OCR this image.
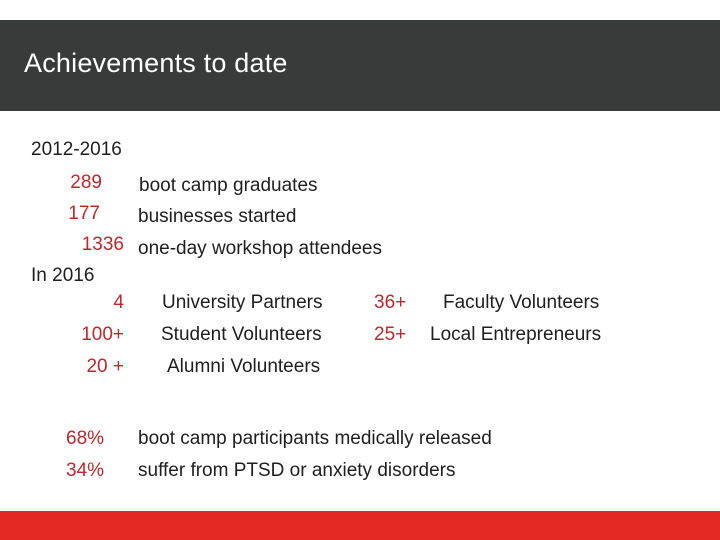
Achievements to date
2012-2016
289 boot camp graduates
177 businesses started
1336 one-day workshop attendees
In 2016
4 University Partners
100+ Student Volunteers
20 + Alumni Volunteers
36+ Faculty Volunteers
25+ Local Entrepreneurs
68% boot camp participants medically released
34% suffer from PTSD or anxiety disorders
